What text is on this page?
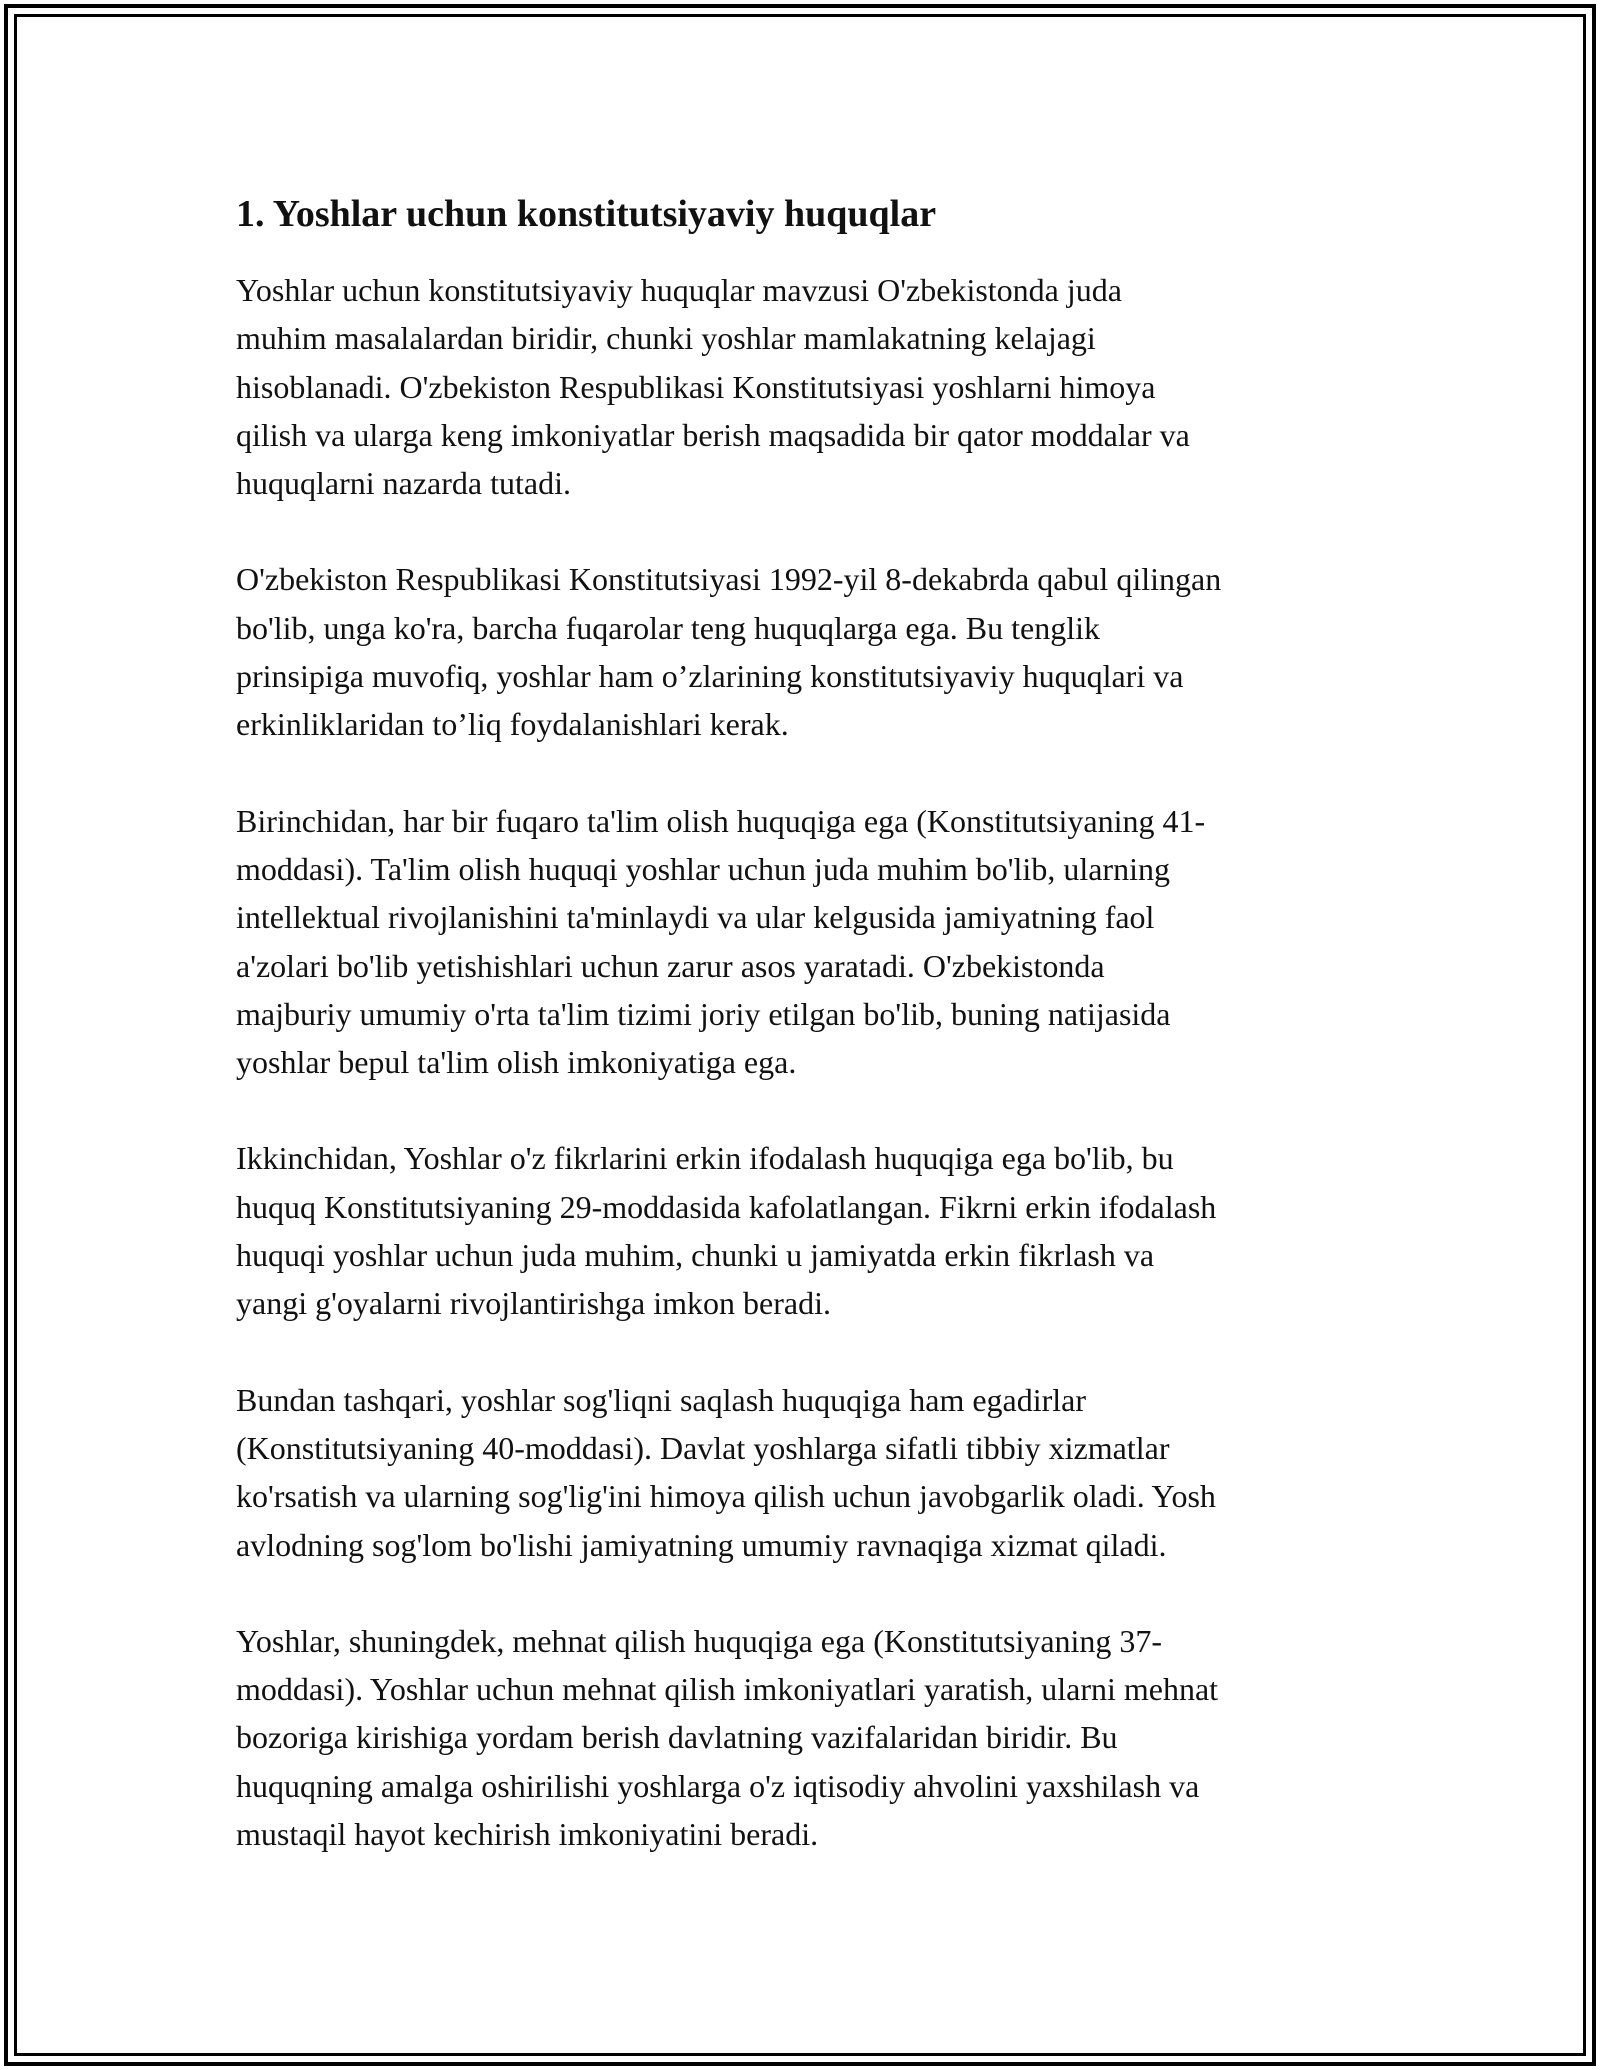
1. Yoshlar uchun konstitutsiyaviy huquqlar
Yoshlar uchun konstitutsiyaviy huquqlar mavzusi O'zbekistonda juda
muhim masalalardan biridir, chunki yoshlar mamlakatning kelajagi
hisoblanadi. O'zbekiston Respublikasi Konstitutsiyasi yoshlarni himoya
qilish va ularga keng imkoniyatlar berish maqsadida bir qator moddalar va
huquqlarni nazarda tutadi.
O'zbekiston Respublikasi Konstitutsiyasi 1992-yil 8-dekabrda qabul qilingan
bo'lib, unga ko'ra, barcha fuqarolar teng huquqlarga ega. Bu tenglik
prinsipiga muvofiq, yoshlar ham o’zlarining konstitutsiyaviy huquqlari va
erkinliklaridan to’liq foydalanishlari kerak.
Birinchidan, har bir fuqaro ta'lim olish huquqiga ega (Konstitutsiyaning 41-
moddasi). Ta'lim olish huquqi yoshlar uchun juda muhim bo'lib, ularning
intellektual rivojlanishini ta'minlaydi va ular kelgusida jamiyatning faol
a'zolari bo'lib yetishishlari uchun zarur asos yaratadi. O'zbekistonda
majburiy umumiy o'rta ta'lim tizimi joriy etilgan bo'lib, buning natijasida
yoshlar bepul ta'lim olish imkoniyatiga ega.
Ikkinchidan, Yoshlar o'z fikrlarini erkin ifodalash huquqiga ega bo'lib, bu
huquq Konstitutsiyaning 29-moddasida kafolatlangan. Fikrni erkin ifodalash
huquqi yoshlar uchun juda muhim, chunki u jamiyatda erkin fikrlash va
yangi g'oyalarni rivojlantirishga imkon beradi.
Bundan tashqari, yoshlar sog'liqni saqlash huquqiga ham egadirlar
(Konstitutsiyaning 40-moddasi). Davlat yoshlarga sifatli tibbiy xizmatlar
ko'rsatish va ularning sog'lig'ini himoya qilish uchun javobgarlik oladi. Yosh
avlodning sog'lom bo'lishi jamiyatning umumiy ravnaqiga xizmat qiladi.
Yoshlar, shuningdek, mehnat qilish huquqiga ega (Konstitutsiyaning 37-
moddasi). Yoshlar uchun mehnat qilish imkoniyatlari yaratish, ularni mehnat
bozoriga kirishiga yordam berish davlatning vazifalaridan biridir. Bu
huquqning amalga oshirilishi yoshlarga o'z iqtisodiy ahvolini yaxshilash va
mustaqil hayot kechirish imkoniyatini beradi.
